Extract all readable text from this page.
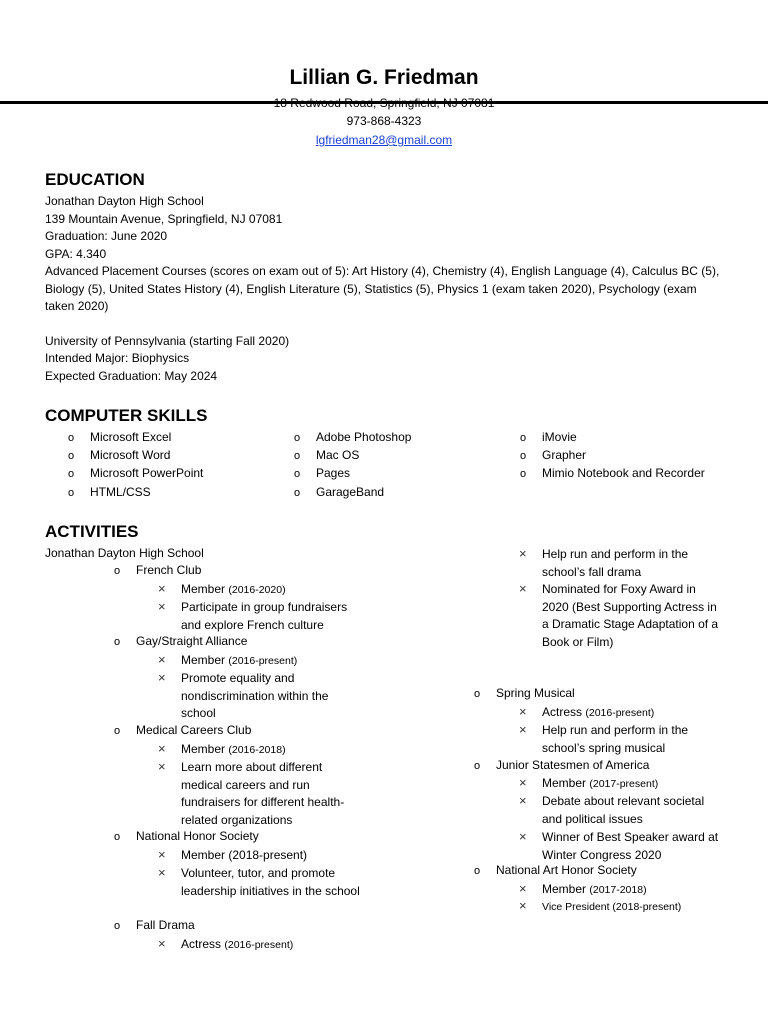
Lillian G. Friedman
18 Redwood Road, Springfield, NJ 07081
973-868-4323
lgfriedman28@gmail.com
EDUCATION
Jonathan Dayton High School
139 Mountain Avenue, Springfield, NJ 07081
Graduation: June 2020
GPA: 4.340
Advanced Placement Courses (scores on exam out of 5): Art History (4), Chemistry (4), English Language (4), Calculus BC (5), Biology (5), United States History (4), English Literature (5), Statistics (5), Physics 1 (exam taken 2020), Psychology (exam taken 2020)
University of Pennsylvania (starting Fall 2020)
Intended Major: Biophysics
Expected Graduation: May 2024
COMPUTER SKILLS
o Microsoft Excel
o Microsoft Word
o Microsoft PowerPoint
o HTML/CSS
o Adobe Photoshop
o Mac OS
o Pages
o GarageBand
o iMovie
o Grapher
o Mimio Notebook and Recorder
ACTIVITIES
Jonathan Dayton High School
o French Club
× Member (2016-2020)
× Participate in group fundraisers and explore French culture
o Gay/Straight Alliance
× Member (2016-present)
× Promote equality and nondiscrimination within the school
o Medical Careers Club
× Member (2016-2018)
× Learn more about different medical careers and run fundraisers for different health-related organizations
o National Honor Society
× Member (2018-present)
× Volunteer, tutor, and promote leadership initiatives in the school
o Fall Drama
× Actress (2016-present)
× Help run and perform in the school’s fall drama
× Nominated for Foxy Award in 2020 (Best Supporting Actress in a Dramatic Stage Adaptation of a Book or Film)
o Spring Musical
× Actress (2016-present)
× Help run and perform in the school’s spring musical
o Junior Statesmen of America
× Member (2017-present)
× Debate about relevant societal and political issues
× Winner of Best Speaker award at Winter Congress 2020
o National Art Honor Society
× Member (2017-2018)
× Vice President (2018-present)
